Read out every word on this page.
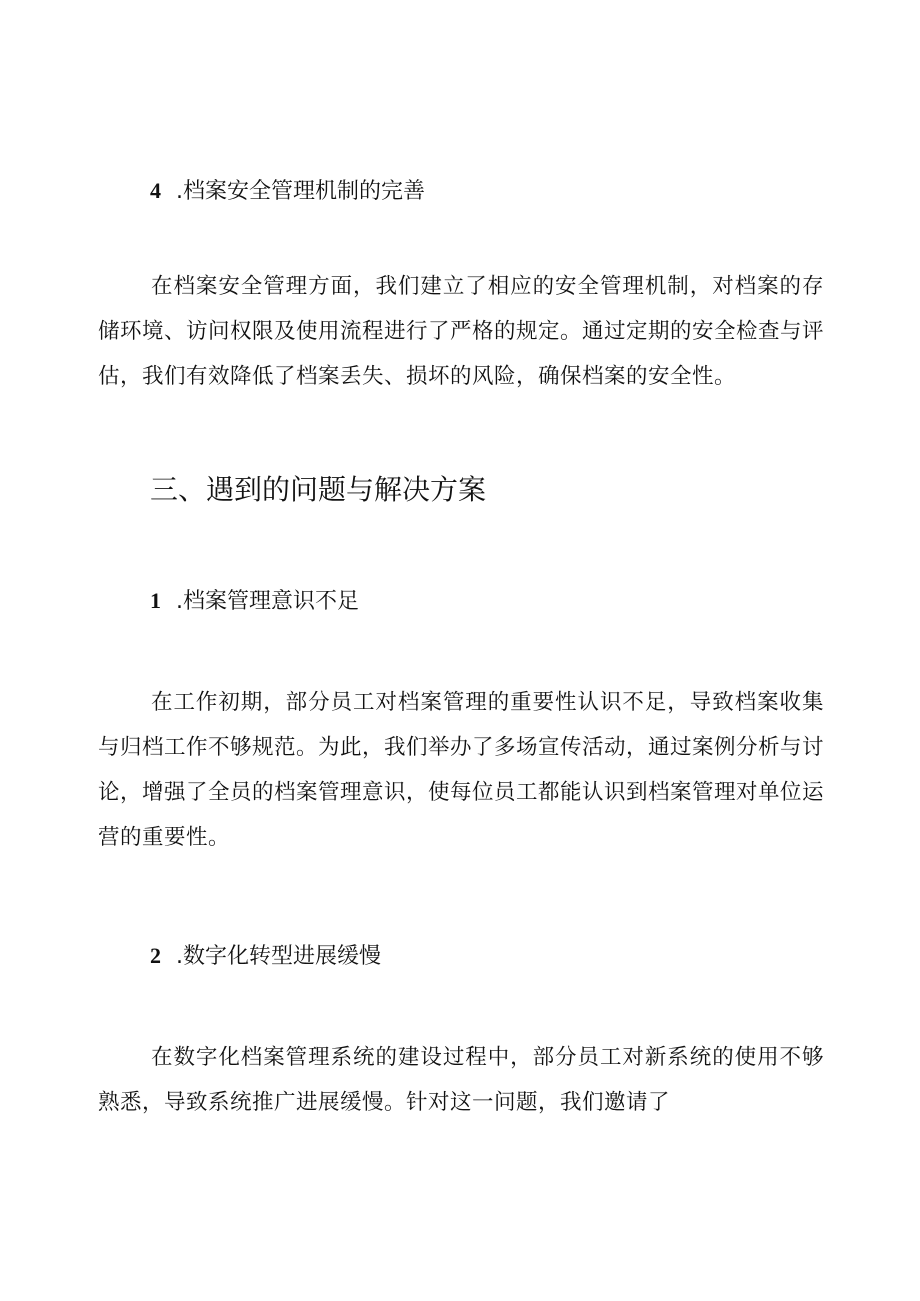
4 .档案安全管理机制的完善

在档案安全管理方面，我们建立了相应的安全管理机制，对档案的存储环境、访问权限及使用流程进行了严格的规定。通过定期的安全检查与评估，我们有效降低了档案丢失、损坏的风险，确保档案的安全性。

三、遇到的问题与解决方案
1 .档案管理意识不足

在工作初期，部分员工对档案管理的重要性认识不足，导致档案收集与归档工作不够规范。为此，我们举办了多场宣传活动，通过案例分析与讨论，增强了全员的档案管理意识，使每位员工都能认识到档案管理对单位运营的重要性。

2 .数字化转型进展缓慢

在数字化档案管理系统的建设过程中，部分员工对新系统的使用不够熟悉，导致系统推广进展缓慢。针对这一问题，我们邀请了
